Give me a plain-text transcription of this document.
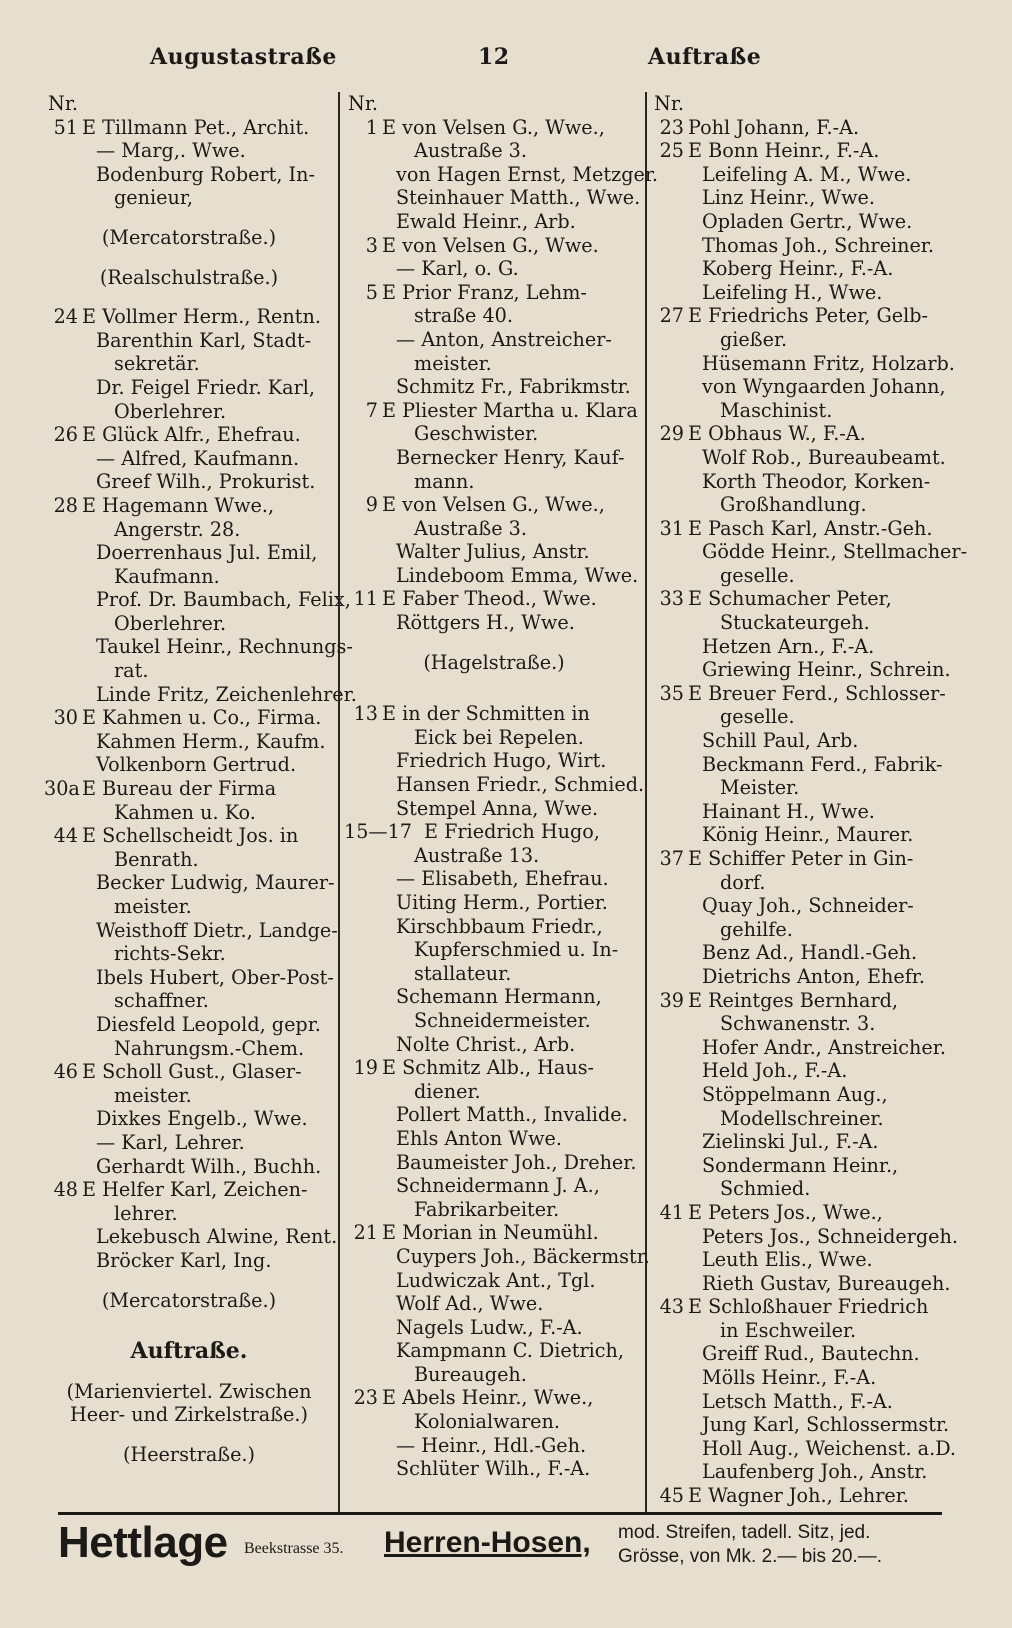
Augustastraße	12	Auftraße
Nr.
51 E Tillmann Pet., Archit.
— Marg,. Wwe.
Bodenburg Robert, In-
genieur,
(Mercatorstraße.)
(Realschulstraße.)
24 E Vollmer Herm., Rentn.
Barenthin Karl, Stadt-
sekretär.
Dr. Feigel Friedr. Karl,
Oberlehrer.
26 E Glück Alfr., Ehefrau.
— Alfred, Kaufmann.
Greef Wilh., Prokurist.
28 E Hagemann Wwe.,
Angerstr. 28.
Doerrenhaus Jul. Emil,
Kaufmann.
Prof. Dr. Baumbach, Felix,
Oberlehrer.
Taukel Heinr., Rechnungs-
rat.
Linde Fritz, Zeichenlehrer.
30 E Kahmen u. Co., Firma.
Kahmen Herm., Kaufm.
Volkenborn Gertrud.
30a E Bureau der Firma
Kahmen u. Ko.
44 E Schellscheidt Jos. in
Benrath.
Becker Ludwig, Maurer-
meister.
Weisthoff Dietr., Landge-
richts-Sekr.
Ibels Hubert, Ober-Post-
schaffner.
Diesfeld Leopold, gepr.
Nahrungsm.-Chem.
46 E Scholl Gust., Glaser-
meister.
Dixkes Engelb., Wwe.
— Karl, Lehrer.
Gerhardt Wilh., Buchh.
48 E Helfer Karl, Zeichen-
lehrer.
Lekebusch Alwine, Rent.
Bröcker Karl, Ing.
(Mercatorstraße.)
Auftraße.
(Marienviertel. Zwischen
Heer- und Zirkelstraße.)
(Heerstraße.)
Nr.
1 E von Velsen G., Wwe.,
Austraße 3.
von Hagen Ernst, Metzger.
Steinhauer Matth., Wwe.
Ewald Heinr., Arb.
3 E von Velsen G., Wwe.
— Karl, o. G.
5 E Prior Franz, Lehm-
straße 40.
— Anton, Anstreicher-
meister.
Schmitz Fr., Fabrikmstr.
7 E Pliester Martha u. Klara
Geschwister.
Bernecker Henry, Kauf-
mann.
9 E von Velsen G., Wwe.,
Austraße 3.
Walter Julius, Anstr.
Lindeboom Emma, Wwe.
11 E Faber Theod., Wwe.
Röttgers H., Wwe.
(Hagelstraße.)
13 E in der Schmitten in
Eick bei Repelen.
Friedrich Hugo, Wirt.
Hansen Friedr., Schmied.
Stempel Anna, Wwe.
15—17 E Friedrich Hugo,
Austraße 13.
— Elisabeth, Ehefrau.
Uiting Herm., Portier.
Kirschbbaum Friedr.,
Kupferschmied u. In-
stallateur.
Schemann Hermann,
Schneidermeister.
Nolte Christ., Arb.
19 E Schmitz Alb., Haus-
diener.
Pollert Matth., Invalide.
Ehls Anton Wwe.
Baumeister Joh., Dreher.
Schneidermann J. A.,
Fabrikarbeiter.
21 E Morian in Neumühl.
Cuypers Joh., Bäckermstr.
Ludwiczak Ant., Tgl.
Wolf Ad., Wwe.
Nagels Ludw., F.-A.
Kampmann C. Dietrich,
Bureaugeh.
23 E Abels Heinr., Wwe.,
Kolonialwaren.
— Heinr., Hdl.-Geh.
Schlüter Wilh., F.-A.
Nr.
23 Pohl Johann, F.-A.
25 E Bonn Heinr., F.-A.
Leifeling A. M., Wwe.
Linz Heinr., Wwe.
Opladen Gertr., Wwe.
Thomas Joh., Schreiner.
Koberg Heinr., F.-A.
Leifeling H., Wwe.
27 E Friedrichs Peter, Gelb-
gießer.
Hüsemann Fritz, Holzarb.
von Wyngaarden Johann,
Maschinist.
29 E Obhaus W., F.-A.
Wolf Rob., Bureaubeamt.
Korth Theodor, Korken-
Großhandlung.
31 E Pasch Karl, Anstr.-Geh.
Gödde Heinr., Stellmacher-
geselle.
33 E Schumacher Peter,
Stuckateurgeh.
Hetzen Arn., F.-A.
Griewing Heinr., Schrein.
35 E Breuer Ferd., Schlosser-
geselle.
Schill Paul, Arb.
Beckmann Ferd., Fabrik-
Meister.
Hainant H., Wwe.
König Heinr., Maurer.
37 E Schiffer Peter in Gin-
dorf.
Quay Joh., Schneider-
gehilfe.
Benz Ad., Handl.-Geh.
Dietrichs Anton, Ehefr.
39 E Reintges Bernhard,
Schwanenstr. 3.
Hofer Andr., Anstreicher.
Held Joh., F.-A.
Stöppelmann Aug.,
Modellschreiner.
Zielinski Jul., F.-A.
Sondermann Heinr.,
Schmied.
41 E Peters Jos., Wwe.,
Peters Jos., Schneidergeh.
Leuth Elis., Wwe.
Rieth Gustav, Bureaugeh.
43 E Schloßhauer Friedrich
in Eschweiler.
Greiff Rud., Bautechn.
Mölls Heinr., F.-A.
Letsch Matth., F.-A.
Jung Karl, Schlossermstr.
Holl Aug., Weichenst. a.D.
Laufenberg Joh., Anstr.
45 E Wagner Joh., Lehrer.
Hettlage Beekstrasse 35. Herren-Hosen, mod. Streifen, tadell. Sitz, jed.
Grösse, von Mk. 2.— bis 20.—.
